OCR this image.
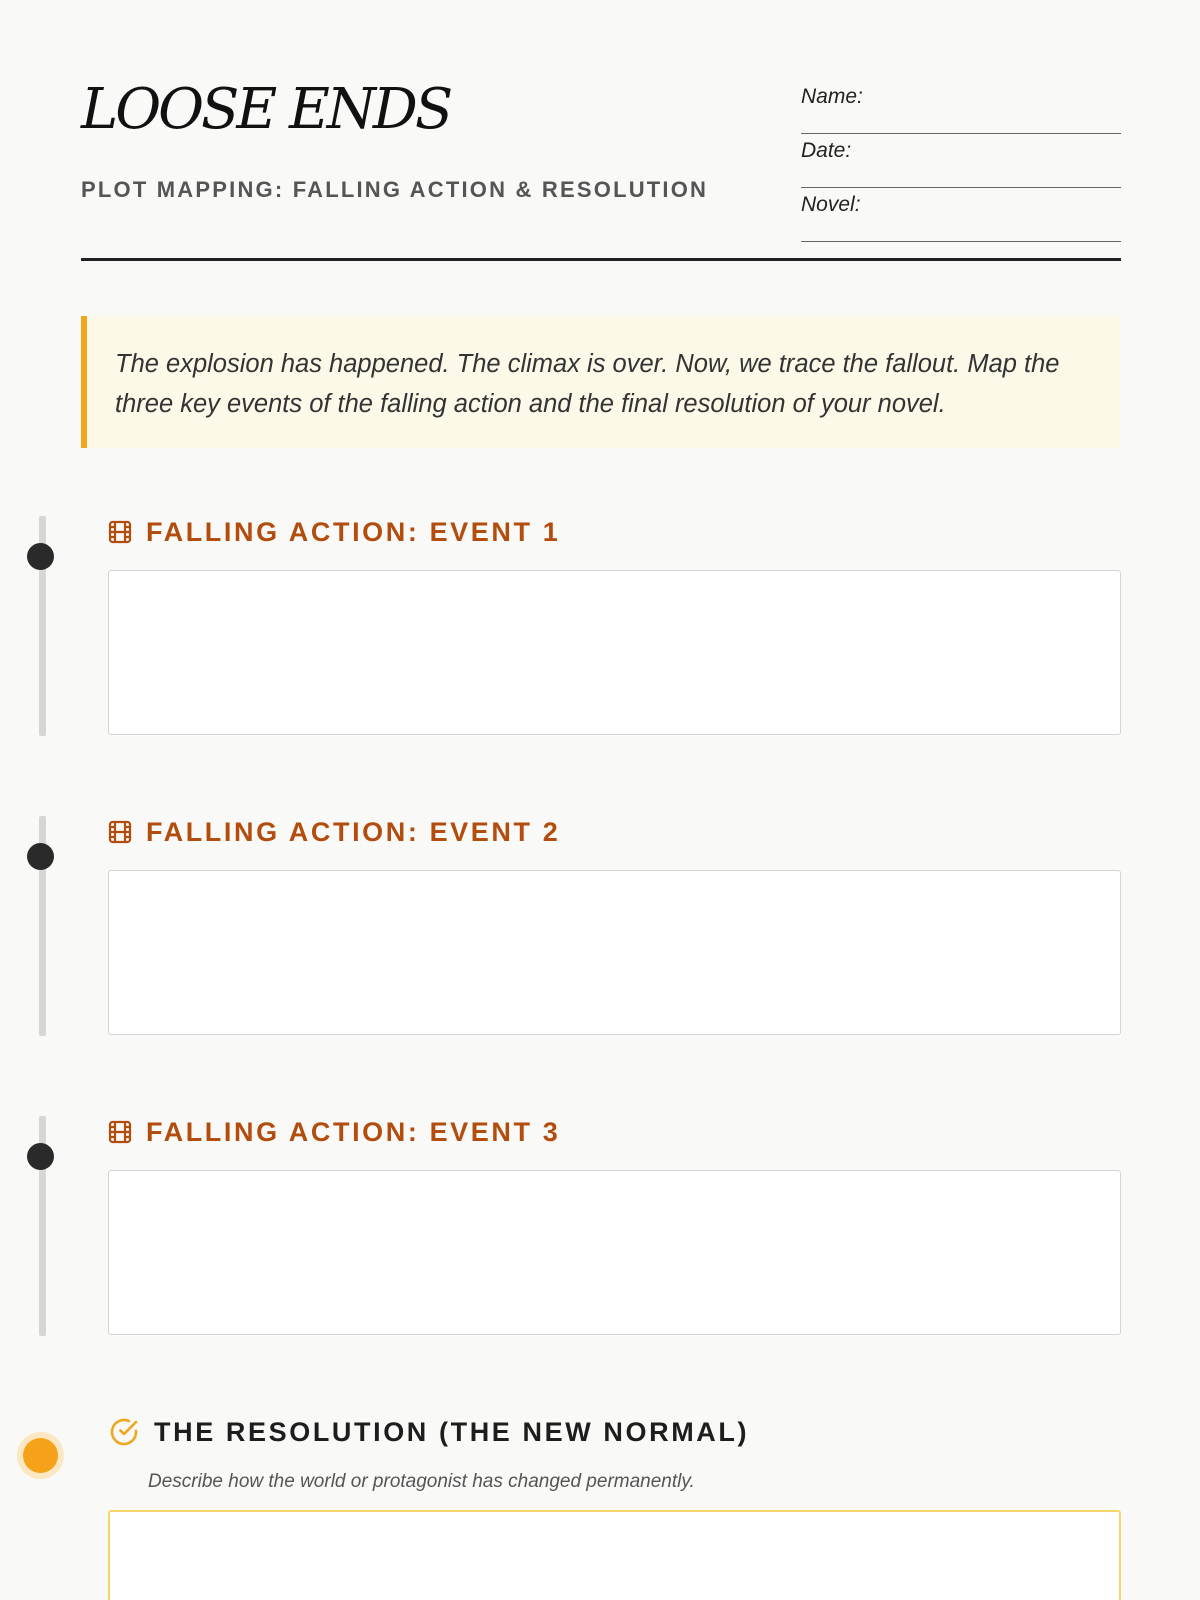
LOOSE ENDS

PLOT MAPPING: FALLING ACTION & RESOLUTION

Name:
Date:
Novel:

The explosion has happened. The climax is over. Now, we trace the fallout. Map the three key events of the falling action and the final resolution of your novel.

FALLING ACTION: EVENT 1
FALLING ACTION: EVENT 2
FALLING ACTION: EVENT 3
THE RESOLUTION (THE NEW NORMAL)
Describe how the world or protagonist has changed permanently.
